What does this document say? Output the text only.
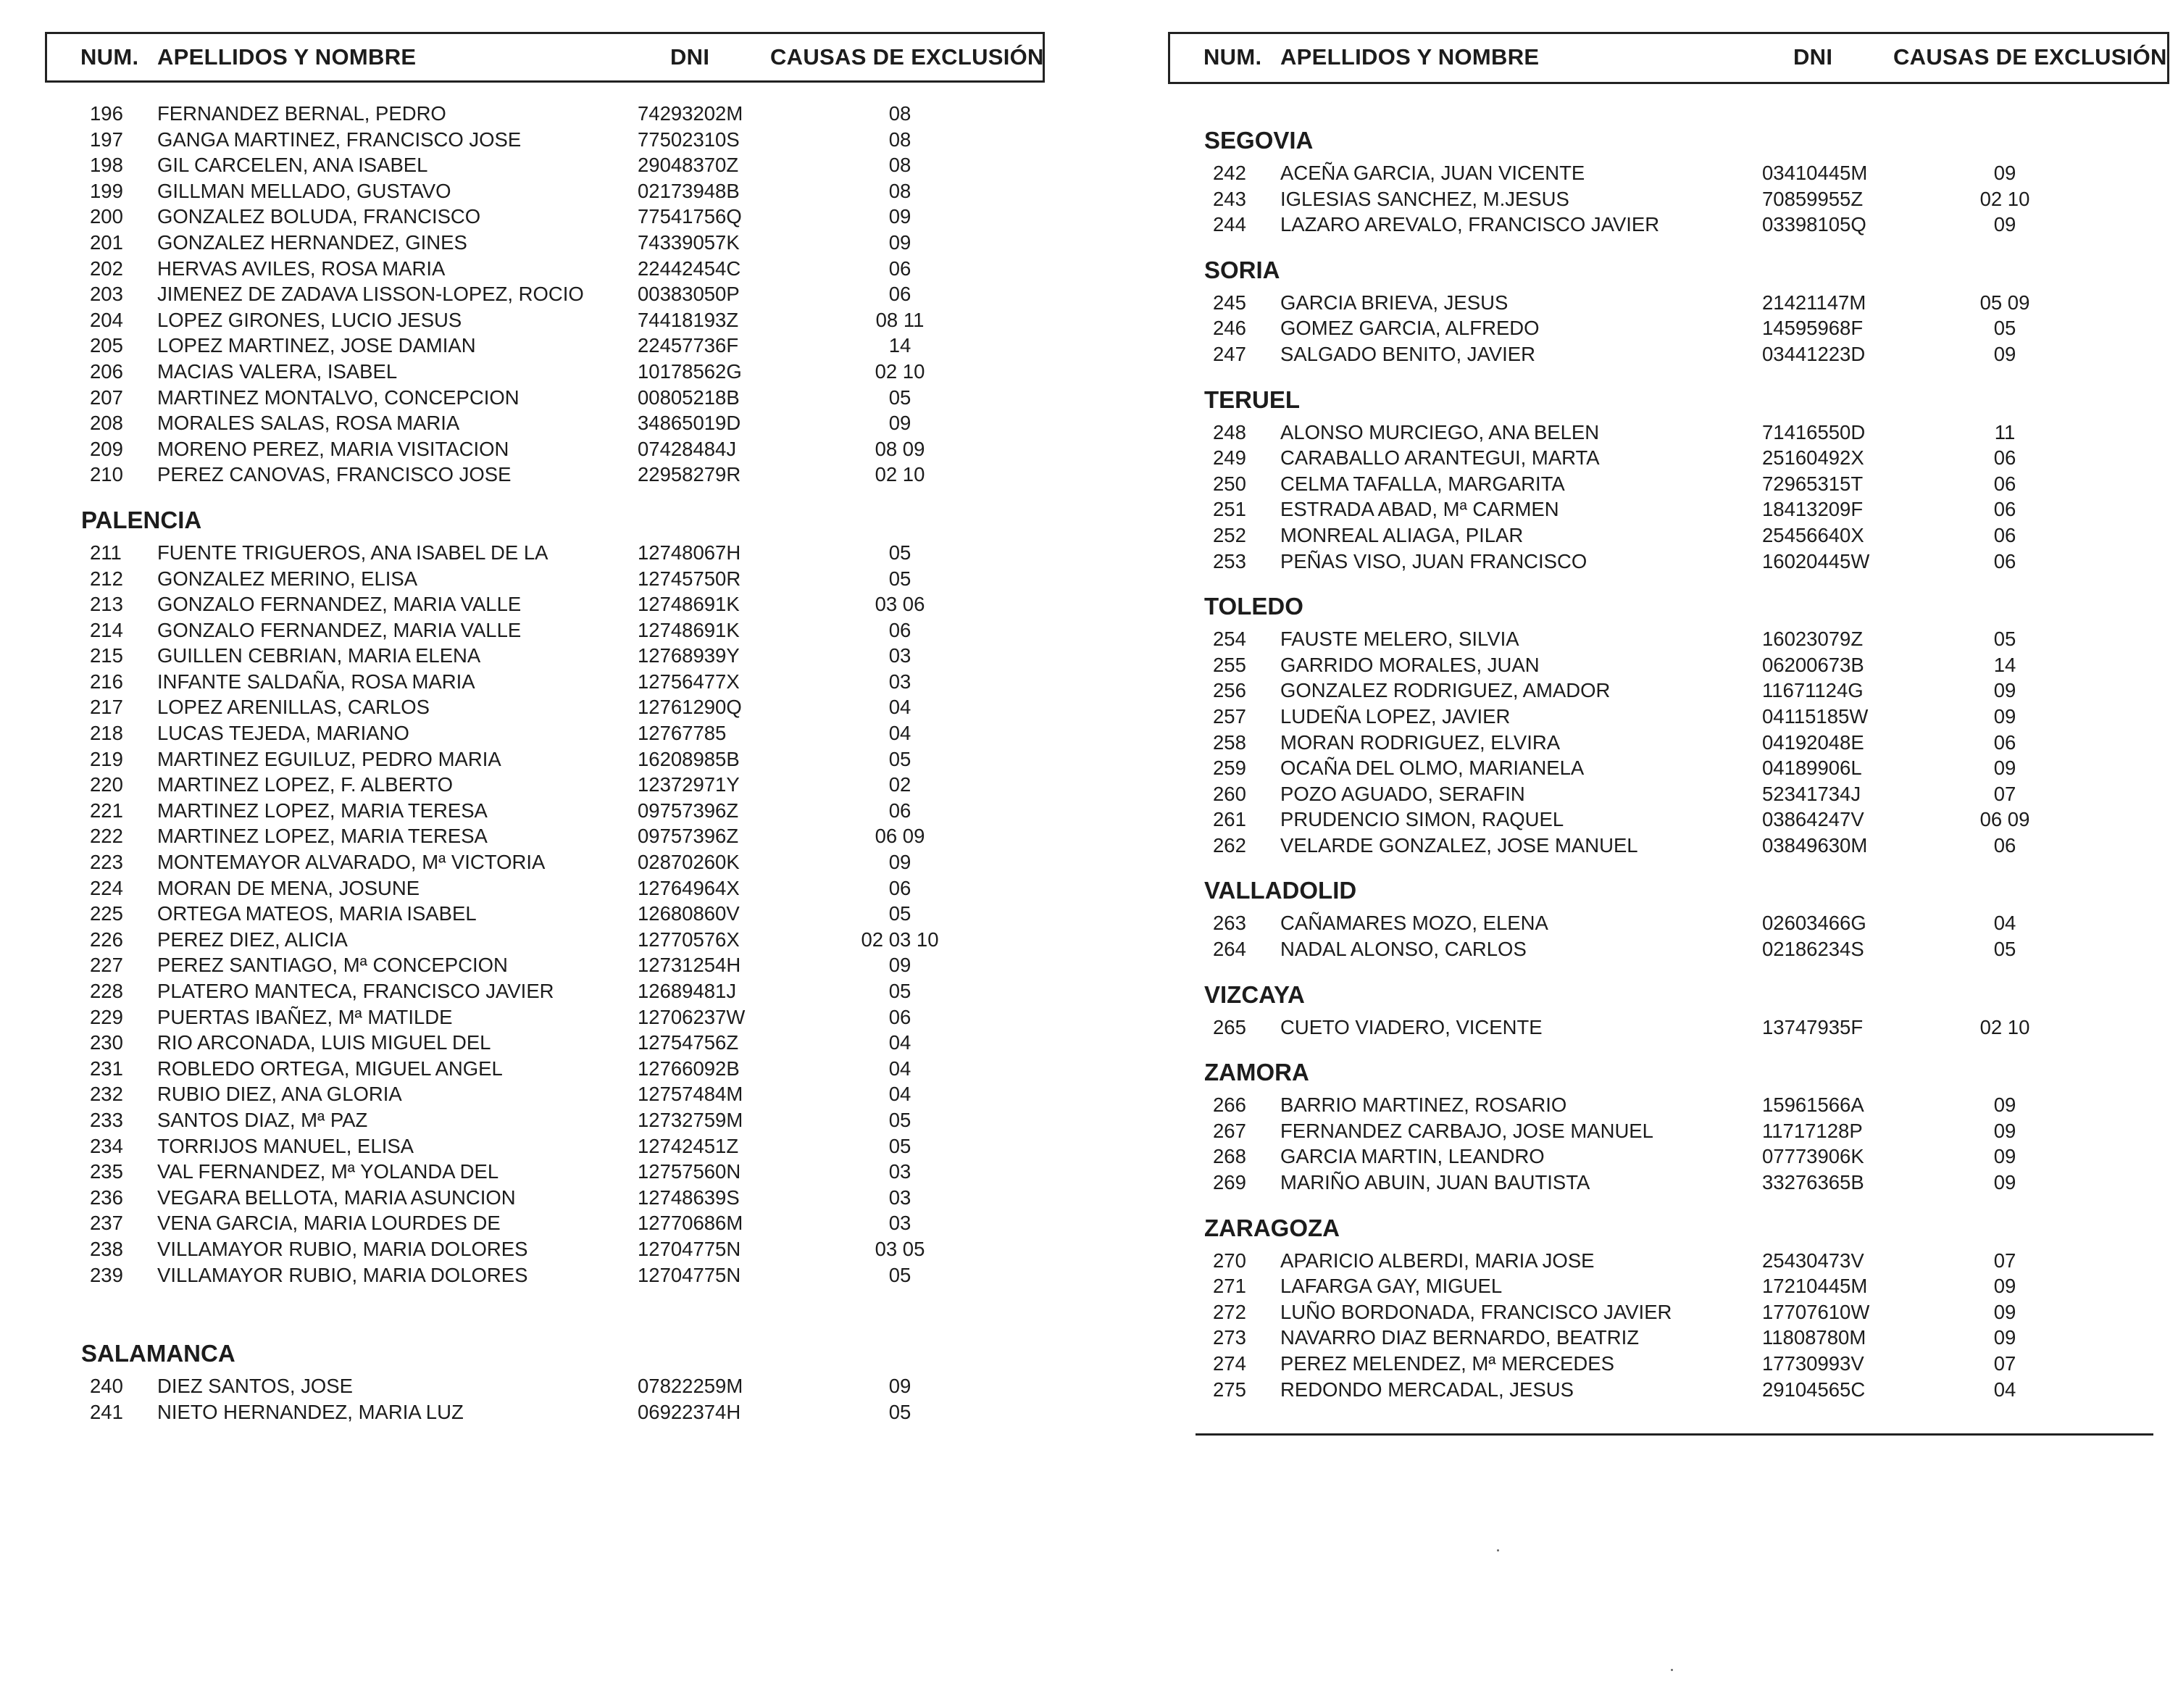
NUM. APELLIDOS Y NOMBRE	DNI	CAUSAS DE EXCLUSIÓN
196	FERNANDEZ BERNAL, PEDRO	74293202M	08
197	GANGA MARTINEZ, FRANCISCO JOSE	77502310S	08
198	GIL CARCELEN, ANA ISABEL	29048370Z	08
199	GILLMAN MELLADO, GUSTAVO	02173948B	08
200	GONZALEZ BOLUDA, FRANCISCO	77541756Q	09
201	GONZALEZ HERNANDEZ, GINES	74339057K	09
202	HERVAS AVILES, ROSA MARIA	22442454C	06
203	JIMENEZ DE ZADAVA LISSON-LOPEZ, ROCIO	00383050P	06
204	LOPEZ GIRONES, LUCIO JESUS	74418193Z	08 11
205	LOPEZ MARTINEZ, JOSE DAMIAN	22457736F	14
206	MACIAS VALERA, ISABEL	10178562G	02 10
207	MARTINEZ MONTALVO, CONCEPCION	00805218B	05
208	MORALES SALAS, ROSA MARIA	34865019D	09
209	MORENO PEREZ, MARIA VISITACION	07428484J	08 09
210	PEREZ CANOVAS, FRANCISCO JOSE	22958279R	02 10
PALENCIA
211	FUENTE TRIGUEROS, ANA ISABEL DE LA	12748067H	05
212	GONZALEZ MERINO, ELISA	12745750R	05
213	GONZALO FERNANDEZ, MARIA VALLE	12748691K	03 06
214	GONZALO FERNANDEZ, MARIA VALLE	12748691K	06
215	GUILLEN CEBRIAN, MARIA ELENA	12768939Y	03
216	INFANTE SALDAÑA, ROSA MARIA	12756477X	03
217	LOPEZ ARENILLAS, CARLOS	12761290Q	04
218	LUCAS TEJEDA, MARIANO	12767785	04
219	MARTINEZ EGUILUZ, PEDRO MARIA	16208985B	05
220	MARTINEZ LOPEZ, F. ALBERTO	12372971Y	02
221	MARTINEZ LOPEZ, MARIA TERESA	09757396Z	06
222	MARTINEZ LOPEZ, MARIA TERESA	09757396Z	06 09
223	MONTEMAYOR ALVARADO, Mª VICTORIA	02870260K	09
224	MORAN DE MENA, JOSUNE	12764964X	06
225	ORTEGA MATEOS, MARIA ISABEL	12680860V	05
226	PEREZ DIEZ, ALICIA	12770576X	02 03 10
227	PEREZ SANTIAGO, Mª CONCEPCION	12731254H	09
228	PLATERO MANTECA, FRANCISCO JAVIER	12689481J	05
229	PUERTAS IBAÑEZ, Mª MATILDE	12706237W	06
230	RIO ARCONADA, LUIS MIGUEL DEL	12754756Z	04
231	ROBLEDO ORTEGA, MIGUEL ANGEL	12766092B	04
232	RUBIO DIEZ, ANA GLORIA	12757484M	04
233	SANTOS DIAZ, Mª PAZ	12732759M	05
234	TORRIJOS MANUEL, ELISA	12742451Z	05
235	VAL FERNANDEZ, Mª YOLANDA DEL	12757560N	03
236	VEGARA BELLOTA, MARIA ASUNCION	12748639S	03
237	VENA GARCIA, MARIA LOURDES DE	12770686M	03
238	VILLAMAYOR RUBIO, MARIA DOLORES	12704775N	03 05
239	VILLAMAYOR RUBIO, MARIA DOLORES	12704775N	05
SALAMANCA
240	DIEZ SANTOS, JOSE	07822259M	09
241	NIETO HERNANDEZ, MARIA LUZ	06922374H	05
NUM. APELLIDOS Y NOMBRE	DNI	CAUSAS DE EXCLUSIÓN
SEGOVIA
242	ACEÑA GARCIA, JUAN VICENTE	03410445M	09
243	IGLESIAS SANCHEZ, M.JESUS	70859955Z	02 10
244	LAZARO AREVALO, FRANCISCO JAVIER	03398105Q	09
SORIA
245	GARCIA BRIEVA, JESUS	21421147M	05 09
246	GOMEZ GARCIA, ALFREDO	14595968F	05
247	SALGADO BENITO, JAVIER	03441223D	09
TERUEL
248	ALONSO MURCIEGO, ANA BELEN	71416550D	11
249	CARABALLO ARANTEGUI, MARTA	25160492X	06
250	CELMA TAFALLA, MARGARITA	72965315T	06
251	ESTRADA ABAD, Mª CARMEN	18413209F	06
252	MONREAL ALIAGA, PILAR	25456640X	06
253	PEÑAS VISO, JUAN FRANCISCO	16020445W	06
TOLEDO
254	FAUSTE MELERO, SILVIA	16023079Z	05
255	GARRIDO MORALES, JUAN	06200673B	14
256	GONZALEZ RODRIGUEZ, AMADOR	11671124G	09
257	LUDEÑA LOPEZ, JAVIER	04115185W	09
258	MORAN RODRIGUEZ, ELVIRA	04192048E	06
259	OCAÑA DEL OLMO, MARIANELA	04189906L	09
260	POZO AGUADO, SERAFIN	52341734J	07
261	PRUDENCIO SIMON, RAQUEL	03864247V	06 09
262	VELARDE GONZALEZ, JOSE MANUEL	03849630M	06
VALLADOLID
263	CAÑAMARES MOZO, ELENA	02603466G	04
264	NADAL ALONSO, CARLOS	02186234S	05
VIZCAYA
265	CUETO VIADERO, VICENTE	13747935F	02 10
ZAMORA
266	BARRIO MARTINEZ, ROSARIO	15961566A	09
267	FERNANDEZ CARBAJO, JOSE MANUEL	11717128P	09
268	GARCIA MARTIN, LEANDRO	07773906K	09
269	MARIÑO ABUIN, JUAN BAUTISTA	33276365B	09
ZARAGOZA
270	APARICIO ALBERDI, MARIA JOSE	25430473V	07
271	LAFARGA GAY, MIGUEL	17210445M	09
272	LUÑO BORDONADA, FRANCISCO JAVIER	17707610W	09
273	NAVARRO DIAZ BERNARDO, BEATRIZ	11808780M	09
274	PEREZ MELENDEZ, Mª MERCEDES	17730993V	07
275	REDONDO MERCADAL, JESUS	29104565C	04
